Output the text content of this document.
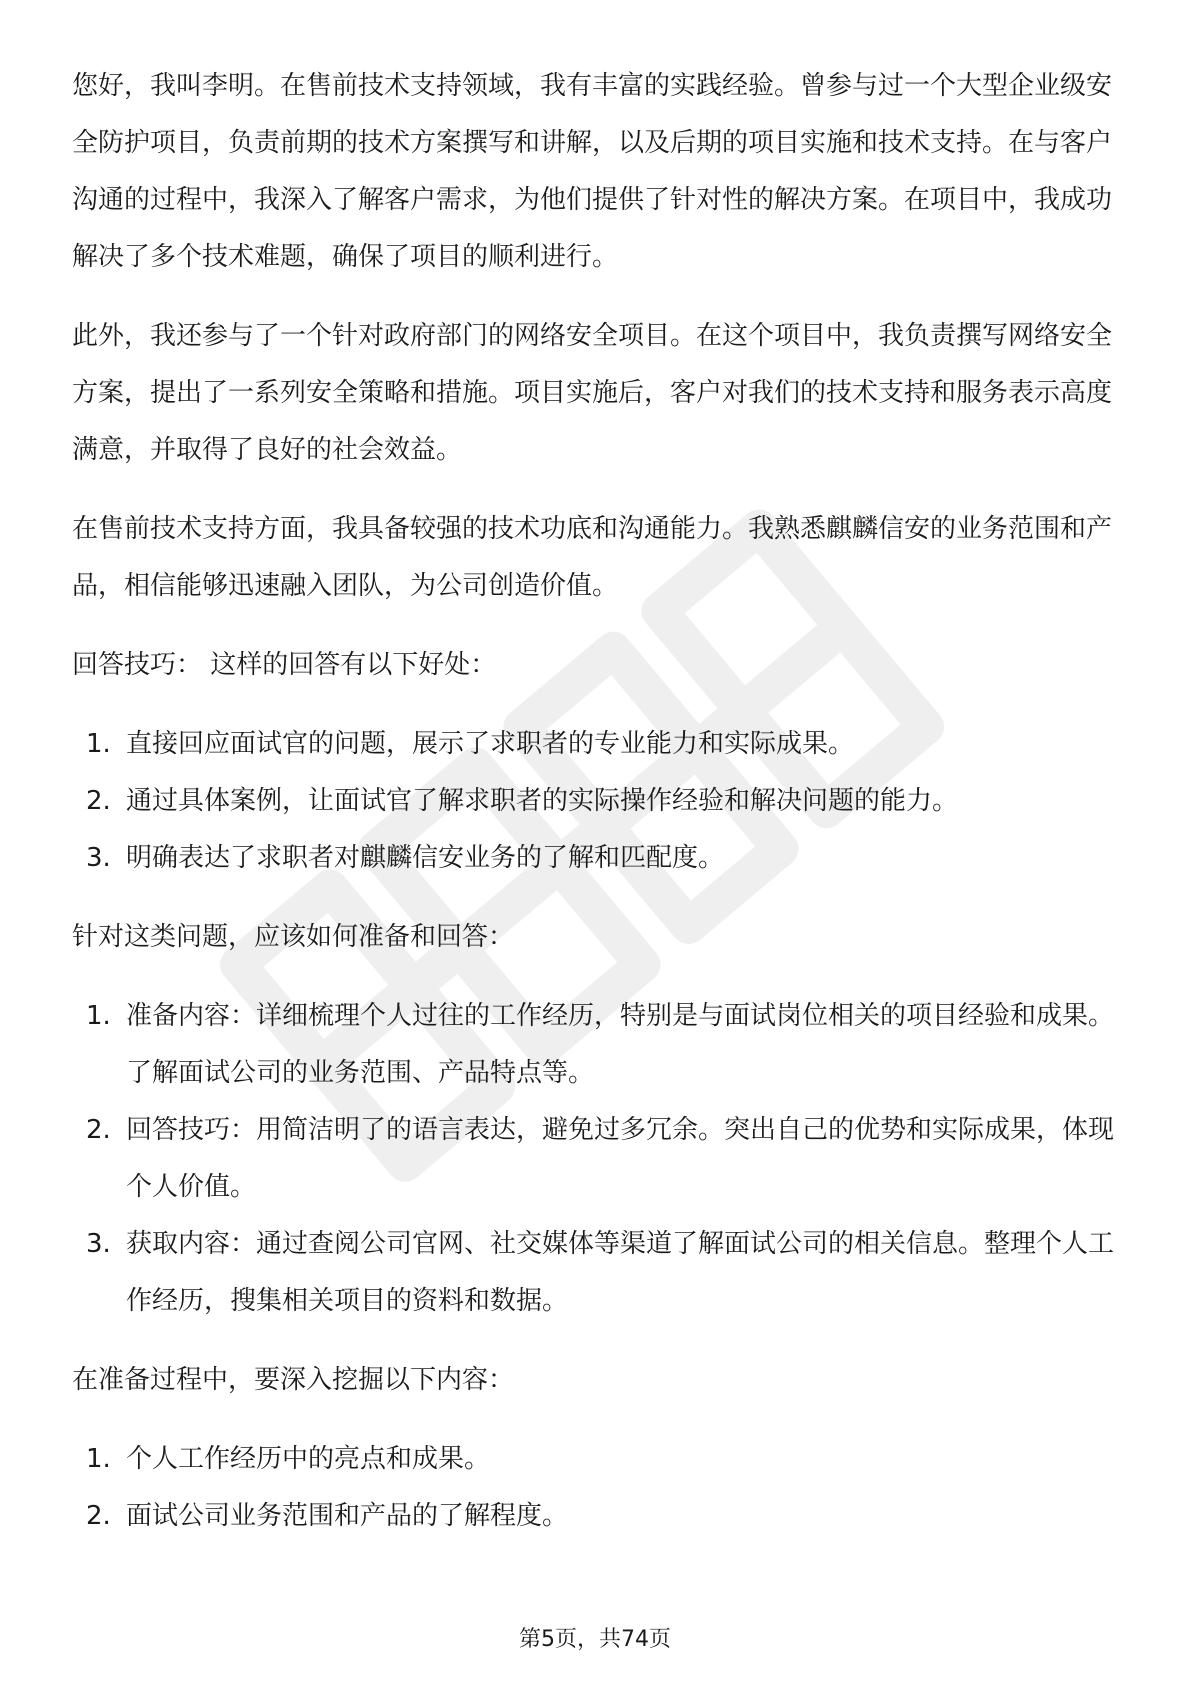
您好，我叫李明。在售前技术支持领域，我有丰富的实践经验。曾参与过一个大型企业级安全防护项目，负责前期的技术方案撰写和讲解，以及后期的项目实施和技术支持。在与客户沟通的过程中，我深入了解客户需求，为他们提供了针对性的解决方案。在项目中，我成功解决了多个技术难题，确保了项目的顺利进行。

此外，我还参与了一个针对政府部门的网络安全项目。在这个项目中，我负责撰写网络安全方案，提出了一系列安全策略和措施。项目实施后，客户对我们的技术支持和服务表示高度满意，并取得了良好的社会效益。

在售前技术支持方面，我具备较强的技术功底和沟通能力。我熟悉麒麟信安的业务范围和产品，相信能够迅速融入团队，为公司创造价值。

回答技巧： 这样的回答有以下好处：

1. 直接回应面试官的问题，展示了求职者的专业能力和实际成果。
2. 通过具体案例，让面试官了解求职者的实际操作经验和解决问题的能力。
3. 明确表达了求职者对麒麟信安业务的了解和匹配度。

针对这类问题，应该如何准备和回答：

1. 准备内容：详细梳理个人过往的工作经历，特别是与面试岗位相关的项目经验和成果。了解面试公司的业务范围、产品特点等。
2. 回答技巧：用简洁明了的语言表达，避免过多冗余。突出自己的优势和实际成果，体现个人价值。
3. 获取内容：通过查阅公司官网、社交媒体等渠道了解面试公司的相关信息。整理个人工作经历，搜集相关项目的资料和数据。

在准备过程中，要深入挖掘以下内容：

1. 个人工作经历中的亮点和成果。
2. 面试公司业务范围和产品的了解程度。
第5页，共74页
